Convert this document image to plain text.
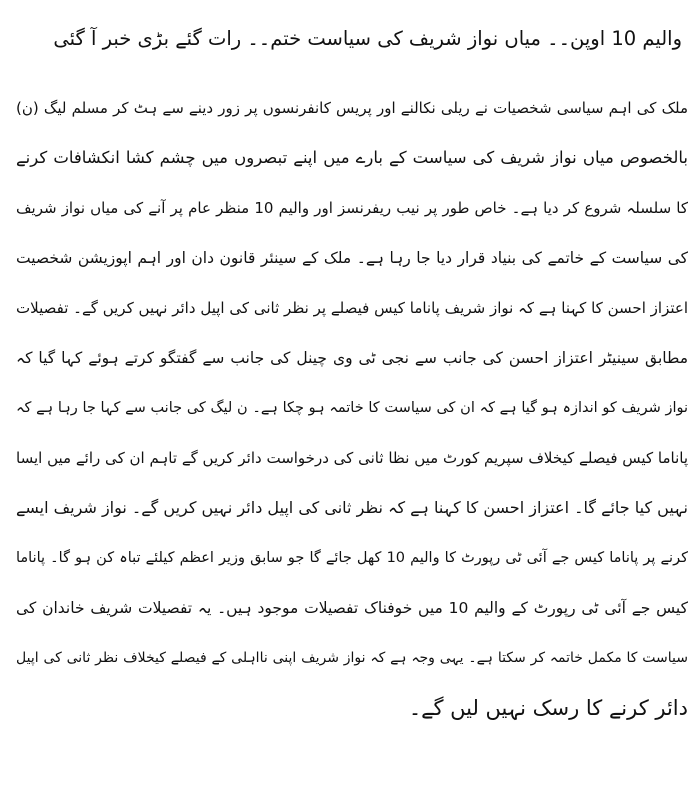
والیم 10 اوپن۔۔ میاں نواز شریف کی سیاست ختم۔۔ رات گئے بڑی خبر آ گئی
ملک کی اہم سیاسی شخصیات نے ریلی نکالنے اور پریس کانفرنسوں پر زور دینے سے ہٹ کر مسلم لیگ (ن)
بالخصوص میاں نواز شریف کی سیاست کے بارے میں اپنے تبصروں میں چشم کشا انکشافات کرنے
کا سلسلہ شروع کر دیا ہے۔ خاص طور پر نیب ریفرنسز اور والیم 10 منظر عام پر آنے کی میاں نواز شریف
کی سیاست کے خاتمے کی بنیاد قرار دیا جا رہا ہے۔ ملک کے سینئر قانون دان اور اہم اپوزیشن شخصیت
اعتزاز احسن کا کہنا ہے کہ نواز شریف پاناما کیس فیصلے پر نظر ثانی کی اپیل دائر نہیں کریں گے۔ تفصیلات
مطابق سینیٹر اعتزاز احسن کی جانب سے نجی ٹی وی چینل کی جانب سے گفتگو کرتے ہوئے کہا گیا کہ
نواز شریف کو اندازہ ہو گیا ہے کہ ان کی سیاست کا خاتمہ ہو چکا ہے۔ ن لیگ کی جانب سے کہا جا رہا ہے کہ
پاناما کیس فیصلے کیخلاف سپریم کورٹ میں نظا ثانی کی درخواست دائر کریں گے تاہم ان کی رائے میں ایسا
نہیں کیا جائے گا۔ اعتزاز احسن کا کہنا ہے کہ نظر ثانی کی اپیل دائر نہیں کریں گے۔ نواز شریف ایسے
کرنے پر پاناما کیس جے آئی ٹی رپورٹ کا والیم 10 کھل جائے گا جو سابق وزیر اعظم کیلئے تباہ کن ہو گا۔ پاناما
کیس جے آئی ٹی رپورٹ کے والیم 10 میں خوفناک تفصیلات موجود ہیں۔ یہ تفصیلات شریف خاندان کی
سیاست کا مکمل خاتمہ کر سکتا ہے۔ یہی وجہ ہے کہ نواز شریف اپنی نااہلی کے فیصلے کیخلاف نظر ثانی کی اپیل
دائر کرنے کا رسک نہیں لیں گے۔
